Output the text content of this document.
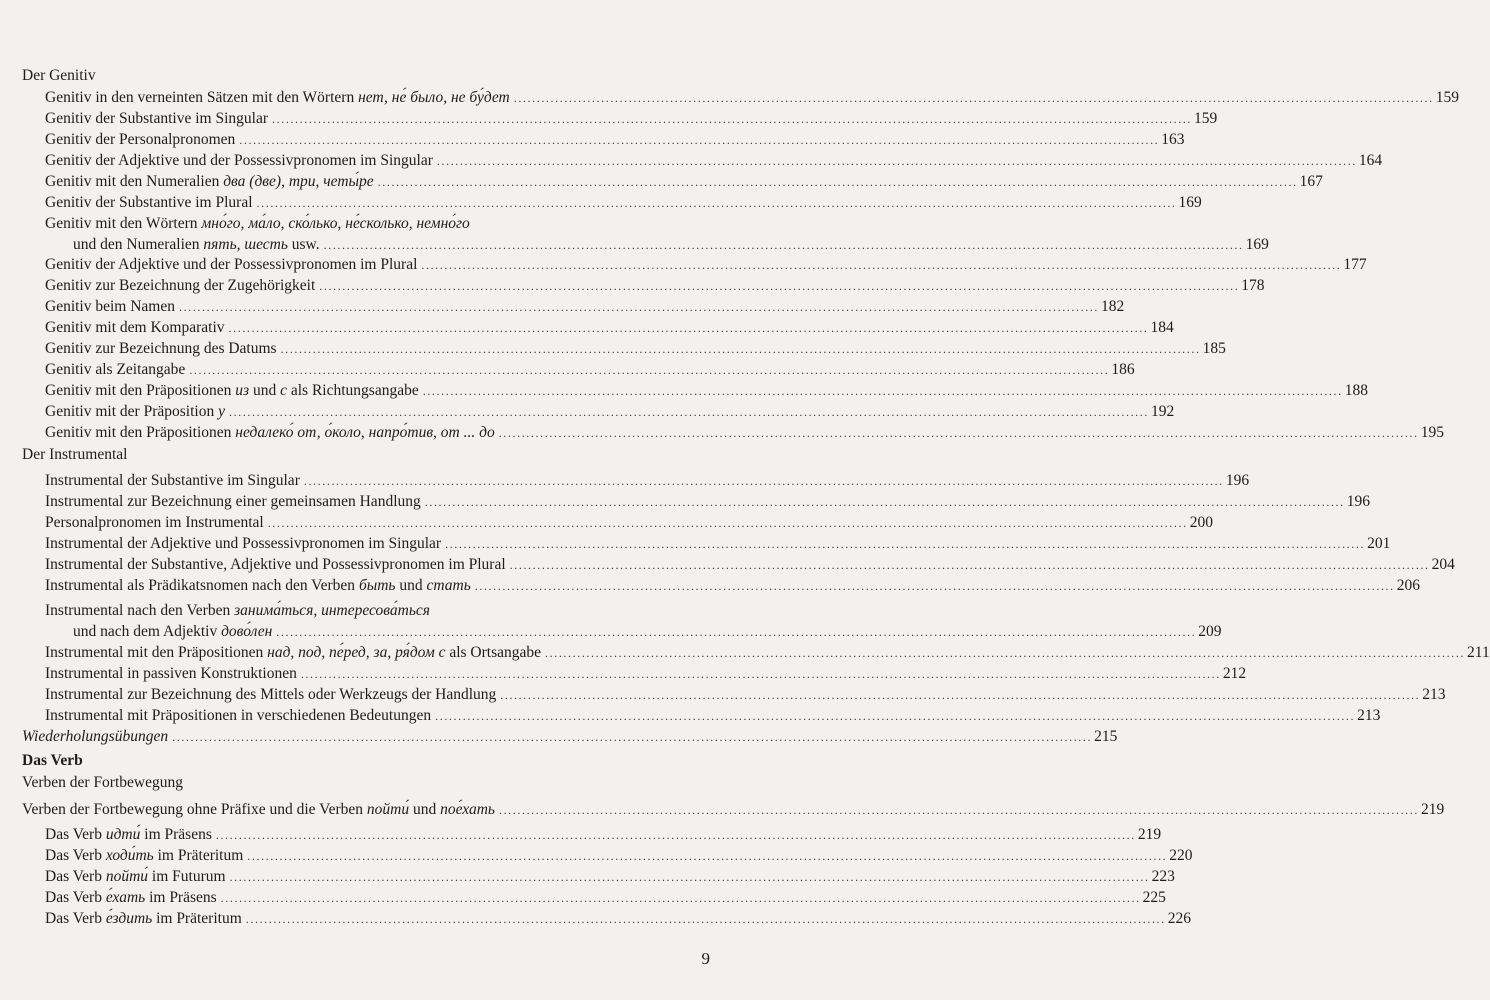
Der Genitiv
Genitiv in den verneinten Sätzen mit den Wörtern нет, не́ было, не бу́дет ........................................................................................................................................................................................................ 159
Genitiv der Substantive im Singular ........................................................................................................................................................................................................ 159
Genitiv der Personalpronomen ........................................................................................................................................................................................................ 163
Genitiv der Adjektive und der Possessivpronomen im Singular ........................................................................................................................................................................................................ 164
Genitiv mit den Numeralien два (две), три, четы́ре ........................................................................................................................................................................................................ 167
Genitiv der Substantive im Plural ........................................................................................................................................................................................................ 169
Genitiv mit den Wörtern мно́го, ма́ло, ско́лько, не́сколько, немно́го
und den Numeralien пять, шесть usw. ........................................................................................................................................................................................................ 169
Genitiv der Adjektive und der Possessivpronomen im Plural ........................................................................................................................................................................................................ 177
Genitiv zur Bezeichnung der Zugehörigkeit ........................................................................................................................................................................................................ 178
Genitiv beim Namen ........................................................................................................................................................................................................ 182
Genitiv mit dem Komparativ ........................................................................................................................................................................................................ 184
Genitiv zur Bezeichnung des Datums ........................................................................................................................................................................................................ 185
Genitiv als Zeitangabe ........................................................................................................................................................................................................ 186
Genitiv mit den Präpositionen из und с als Richtungsangabe ........................................................................................................................................................................................................ 188
Genitiv mit der Präposition у ........................................................................................................................................................................................................ 192
Genitiv mit den Präpositionen недалеко́ от, о́коло, напро́тив, от ... до ........................................................................................................................................................................................................ 195
Der Instrumental
Instrumental der Substantive im Singular ........................................................................................................................................................................................................ 196
Instrumental zur Bezeichnung einer gemeinsamen Handlung ........................................................................................................................................................................................................ 196
Personalpronomen im Instrumental ........................................................................................................................................................................................................ 200
Instrumental der Adjektive und Possessivpronomen im Singular ........................................................................................................................................................................................................ 201
Instrumental der Substantive, Adjektive und Possessivpronomen im Plural ........................................................................................................................................................................................................ 204
Instrumental als Prädikatsnomen nach den Verben быть und стать ........................................................................................................................................................................................................ 206
Instrumental nach den Verben занима́ться, интересова́ться
und nach dem Adjektiv дово́лен ........................................................................................................................................................................................................ 209
Instrumental mit den Präpositionen над, под, пе́ред, за, ря́дом с als Ortsangabe ........................................................................................................................................................................................................ 211
Instrumental in passiven Konstruktionen ........................................................................................................................................................................................................ 212
Instrumental zur Bezeichnung des Mittels oder Werkzeugs der Handlung ........................................................................................................................................................................................................ 213
Instrumental mit Präpositionen in verschiedenen Bedeutungen ........................................................................................................................................................................................................ 213
Wiederholungsübungen ........................................................................................................................................................................................................ 215
Das Verb
Verben der Fortbewegung
Verben der Fortbewegung ohne Präfixe und die Verben пойти́ und пое́хать ........................................................................................................................................................................................................ 219
Das Verb идти́ im Präsens ........................................................................................................................................................................................................ 219
Das Verb ходи́ть im Präteritum ........................................................................................................................................................................................................ 220
Das Verb пойти́ im Futurum ........................................................................................................................................................................................................ 223
Das Verb е́хать im Präsens ........................................................................................................................................................................................................ 225
Das Verb е́здить im Präteritum ........................................................................................................................................................................................................ 226
9
